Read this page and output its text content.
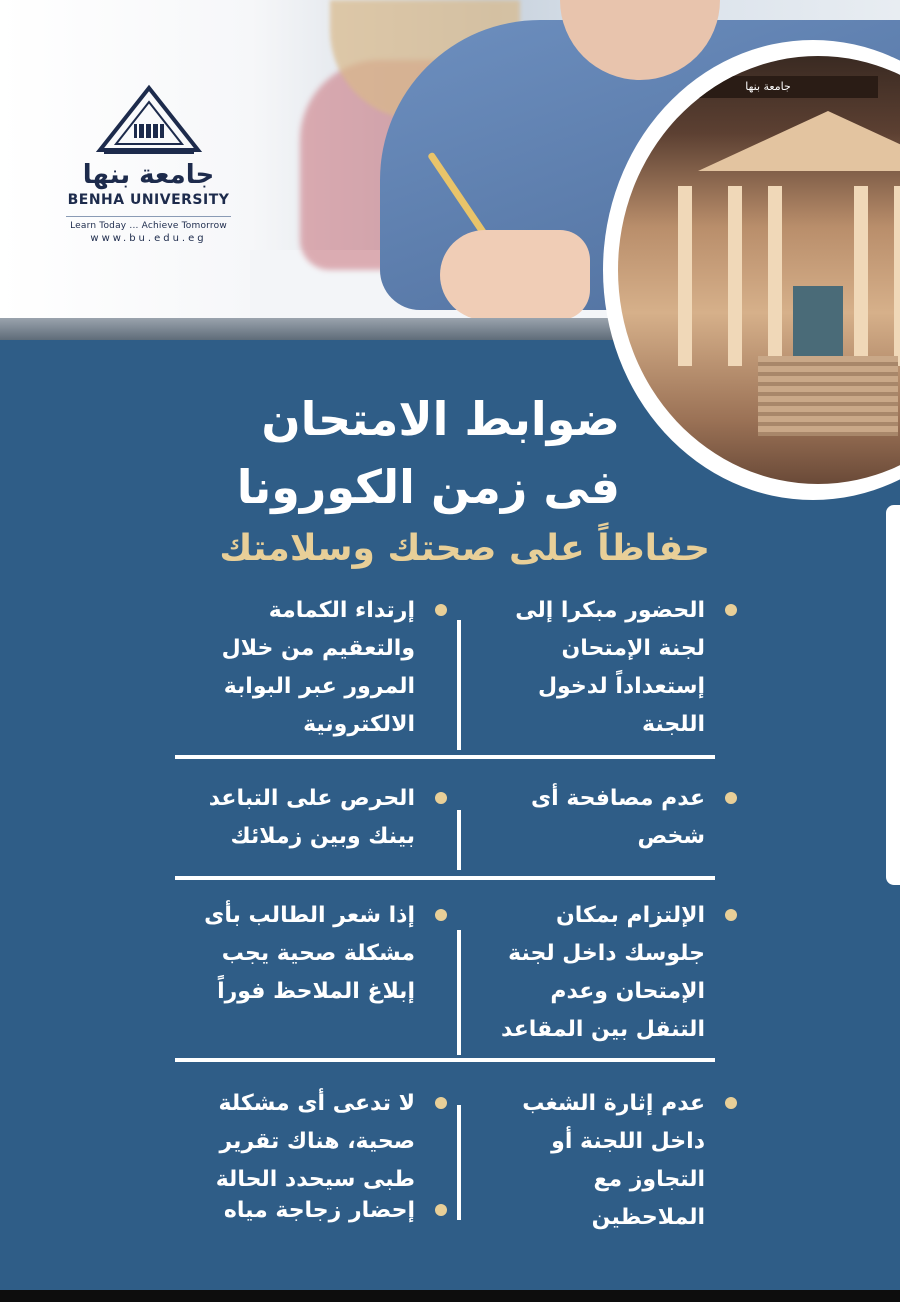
جامعة بنها
BENHA UNIVERSITY
Learn Today ... Achieve Tomorrow
www.bu.edu.eg
جامعة بنها
ضوابط الامتحان
فى زمن الكورونا
حفاظاً على صحتك وسلامتك
الحضور مبكرا إلى لجنة الإمتحان إستعداداً لدخول اللجنة
إرتداء الكمامة والتعقيم من خلال المرور عبر البوابة الالكترونية
عدم مصافحة أى شخص
الحرص على التباعد بينك وبين زملائك
الإلتزام بمكان جلوسك داخل لجنة الإمتحان وعدم التنقل بين المقاعد
إذا شعر الطالب بأى مشكلة صحية يجب إبلاغ الملاحظ فوراً
عدم إثارة الشغب داخل اللجنة أو التجاوز مع الملاحظين
لا تدعى أى مشكلة صحية، هناك تقرير طبى سيحدد الحالة
إحضار زجاجة مياه
